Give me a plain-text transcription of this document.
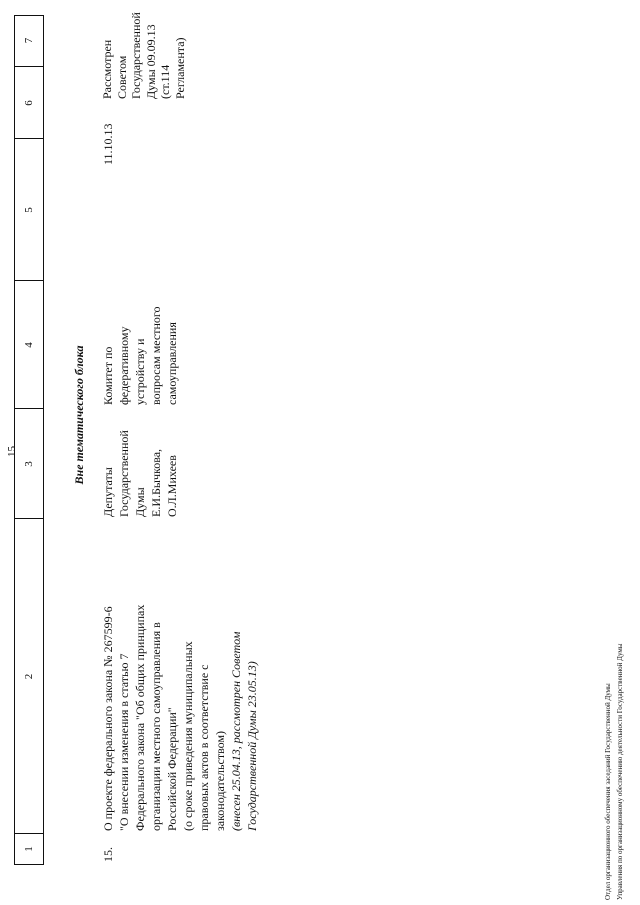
15
1
2
3
4
5
6
7
Вне тематического блока
15.
О проекте федерального закона № 267599-6 "О внесении изменения в статью 7 Федерального закона "Об общих принципах организации местного самоуправления в Российской Федерации" (о сроке приведения муниципальных правовых актов в соответствие с законодательством) (внесен 25.04.13, рассмотрен Советом Государственной Думы 23.05.13)
Депутаты Государственной Думы Е.И.Бычкова, О.Л.Михеев
Комитет по федеративному устройству и вопросам местного самоуправления
11.10.13
Рассмотрен Советом Государственной Думы 09.09.13 (ст.114 Регламента)
Отдел организационного обеспечения заседаний Государственной Думы Управления по организационному обеспечению деятельности Государственной Думы
